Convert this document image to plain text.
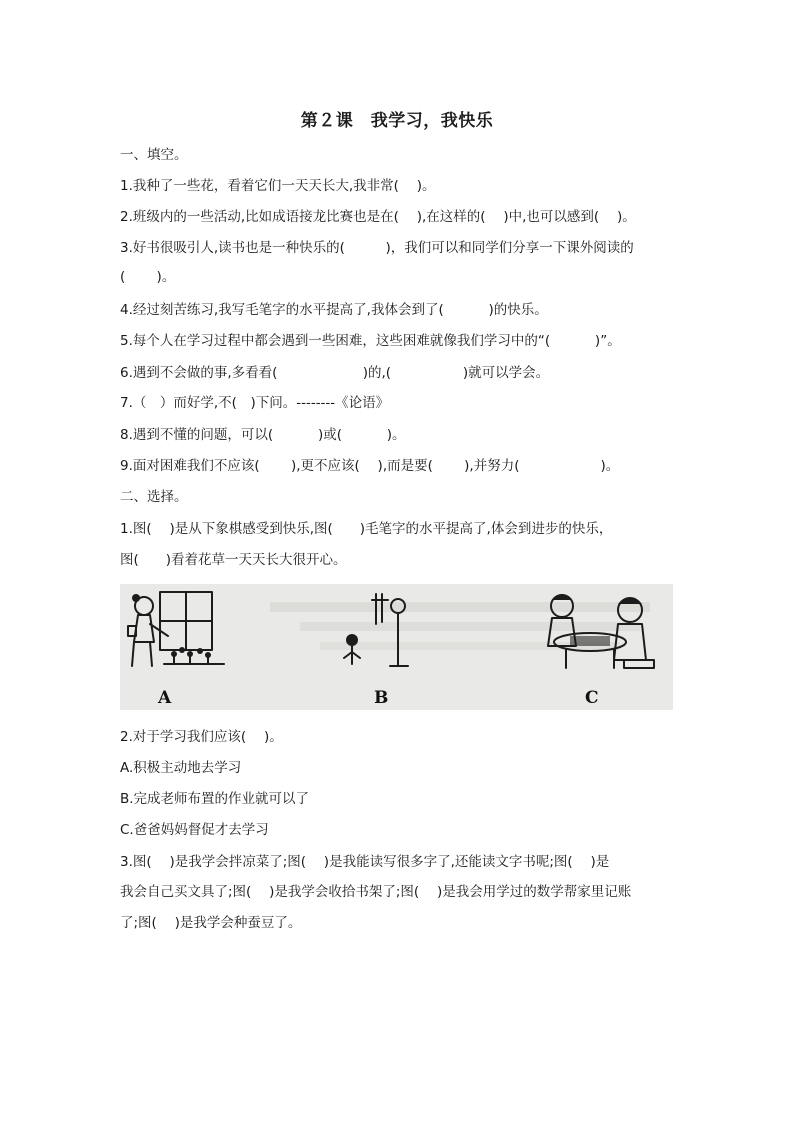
第２课　我学习，我快乐
一、填空。
1.我种了一些花，看着它们一天天长大,我非常(　 )。
2.班级内的一些活动,比如成语接龙比赛也是在(　 ),在这样的(　 )中,也可以感到(　 )。
3.好书很吸引人,读书也是一种快乐的(　　　)，我们可以和同学们分享一下课外阅读的
(　 　)。
4.经过刻苦练习,我写毛笔字的水平提高了,我体会到了(　　　 )的快乐。
5.每个人在学习过程中都会遇到一些困难，这些困难就像我们学习中的“(　　　 )”。
6.遇到不会做的事,多看看(　　　　　　 )的,(　　　　　 )就可以学会。
7.（　）而好学,不(　)下问。--------《论语》
8.遇到不懂的问题，可以(　　　 )或(　　　 )。
9.面对困难我们不应该(　　 ),更不应该(　 ),而是要(　　 ),并努力(　　　　　　)。
二、选择。
1.图(　 )是从下象棋感受到快乐,图(　　)毛笔字的水平提高了,体会到进步的快乐，
图(　　)看着花草一天天长大很开心。
A	B	C
2.对于学习我们应该(　 )。
A.积极主动地去学习
B.完成老师布置的作业就可以了
C.爸爸妈妈督促才去学习
3.图(　 )是我学会拌凉菜了;图(　 )是我能读写很多字了,还能读文字书呢;图(　 )是
我会自己买文具了;图(　 )是我学会收拾书架了;图(　 )是我会用学过的数学帮家里记账
了;图(　 )是我学会种蚕豆了。
